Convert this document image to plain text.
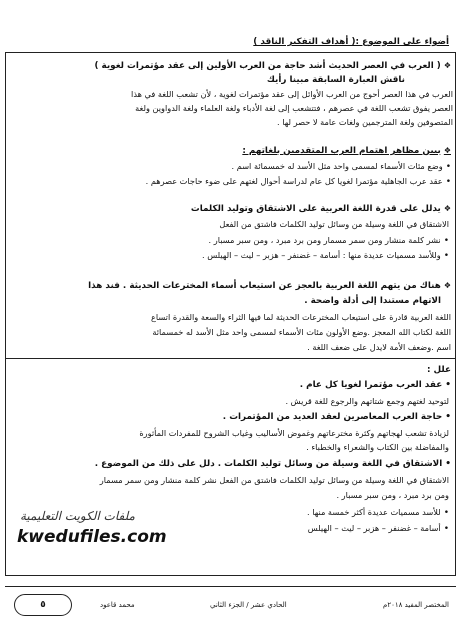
أضواء على الموضوع :( أهداف التفكير الناقد )
❖( العرب في العصر الحديث أشد حاجة من العرب الأولين إلى عقد مؤتمرات لغوية )
ناقش العبارة السابقة مبينا رأيك
العرب في هذا العصر أحوج من العرب الأوائل إلى عقد مؤتمرات لغوية ، لأن تشعب اللغة في هذا
العصر يفوق تشعب اللغة في عصرهم ، فتتشعب إلى لغة الأدباء ولغة العلماء ولغة الدواوين ولغة
المتصوفين ولغة المترجمين ولغات عامة لا حصر لها .
❖بيين مظاهر اهتمام العرب المتقدمين بلغاتهم :
•وضع مئات الأسماء لمسمى واحد مثل الأسد له خمسمائة اسم .
•عقد عرب الجاهلية مؤتمرا لغويا كل عام لدراسة أحوال لغتهم على ضوء حاجات عصرهم .
❖يدلل على قدرة اللغة العربية على الاشتقاق وتوليد الكلمات
الاشتقاق في اللغة وسيلة من وسائل توليد الكلمات فاشتق من الفعل
•نشر كلمة منشار ومن سمر مسمار ومن برد مبرد ، ومن سبر مسبار .
•وللأسد مسميات عديدة منها : أسامة – غضنفر – هزبر – ليث – الهيلس .
❖هناك من يتهم اللغة العربية بالعجز عن استيعاب أسماء المخترعات الحديثة . فند هذا
الاتهام مستندا إلى أدلة واضحة .
اللغة العربية قادرة على استيعاب المخترعات الحديثة لما فيها الثراء والسعة والقدرة اتساع
اللغة لكتاب الله المعجز .وضع الأولون مئات الأسماء لمسمى واحد مثل الأسد له خمسمائة
اسم .وضعف الأمة لايدل على ضعف اللغة .
علل :
•عقد العرب مؤتمرا لغويا كل عام .
لتوحيد لغتهم وجمع شتاتهم والرجوع للغة قريش .
•حاجة العرب المعاصرين لعقد العديد من المؤتمرات .
لزيادة تشعب لهجاتهم وكثرة مخترعاتهم وغموض الأساليب وغياب الشروح للمفردات المأثورة
والمفاضلة بين الكتاب والشعراء والخطباء .
•الاشتقاق في اللغة وسيلة من وسائل توليد الكلمات . دلل على ذلك من الموضوع .
الاشتقاق في اللغة وسيلة من وسائل توليد الكلمات فاشتق من الفعل نشر كلمة منشار ومن سمر مسمار
ومن برد مبرد ، ومن سبر مسبار .
•للأسد مسميات عديدة أكثر خمسة منها .
•أسامة – غضنفر – هزبر – ليث – الهيلس
ملفات الكويت التعليمية
kwedufiles.com
٥	محمد قاعود	الحادي عشر / الجزء الثاني	المختصر المفيد ٢٠١٨م
